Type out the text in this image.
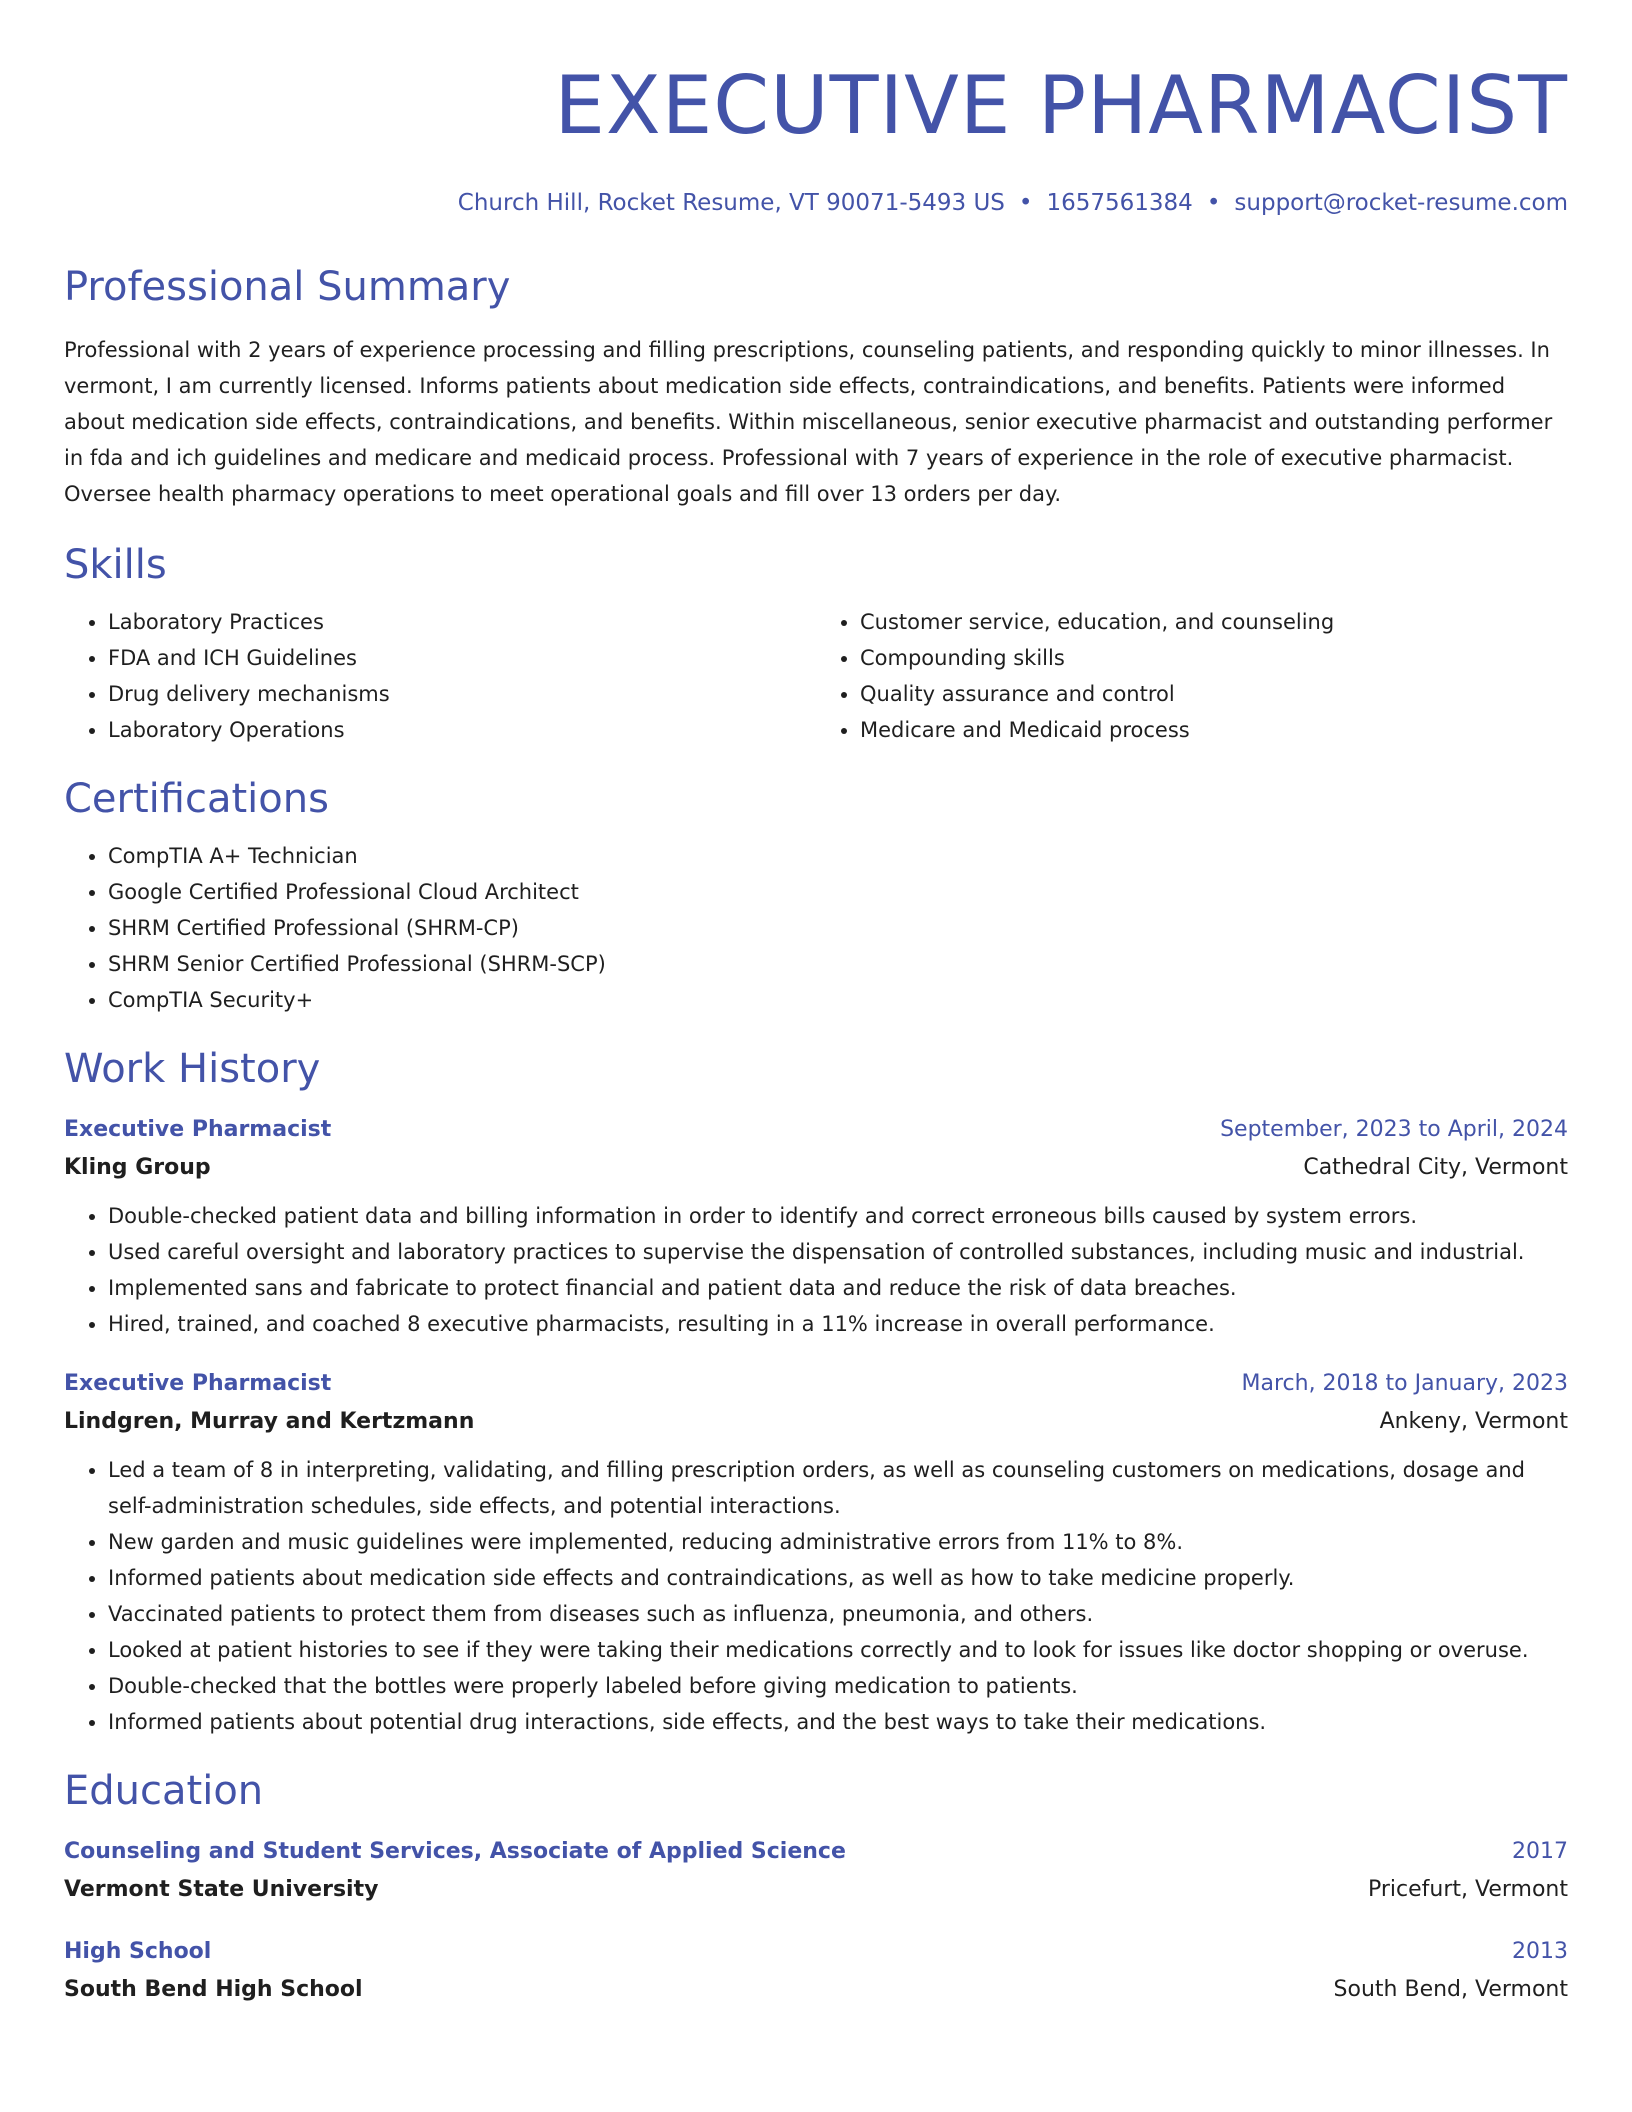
EXECUTIVE PHARMACIST
Church Hill, Rocket Resume, VT 90071-5493 US • 1657561384 • support@rocket-resume.com
Professional Summary

Professional with 2 years of experience processing and filling prescriptions, counseling patients, and responding quickly to minor illnesses. In vermont, I am currently licensed. Informs patients about medication side effects, contraindications, and benefits. Patients were informed about medication side effects, contraindications, and benefits. Within miscellaneous, senior executive pharmacist and outstanding performer in fda and ich guidelines and medicare and medicaid process. Professional with 7 years of experience in the role of executive pharmacist. Oversee health pharmacy operations to meet operational goals and fill over 13 orders per day.

Skills
• Laboratory Practices
• FDA and ICH Guidelines
• Drug delivery mechanisms
• Laboratory Operations
• Customer service, education, and counseling
• Compounding skills
• Quality assurance and control
• Medicare and Medicaid process
Certifications
• CompTIA A+ Technician
• Google Certified Professional Cloud Architect
• SHRM Certified Professional (SHRM-CP)
• SHRM Senior Certified Professional (SHRM-SCP)
• CompTIA Security+
Work History
Executive Pharmacist	September, 2023 to April, 2024
Kling Group	Cathedral City, Vermont
• Double-checked patient data and billing information in order to identify and correct erroneous bills caused by system errors.
• Used careful oversight and laboratory practices to supervise the dispensation of controlled substances, including music and industrial.
• Implemented sans and fabricate to protect financial and patient data and reduce the risk of data breaches.
• Hired, trained, and coached 8 executive pharmacists, resulting in a 11% increase in overall performance.
Executive Pharmacist	March, 2018 to January, 2023
Lindgren, Murray and Kertzmann	Ankeny, Vermont
• Led a team of 8 in interpreting, validating, and filling prescription orders, as well as counseling customers on medications, dosage and self-administration schedules, side effects, and potential interactions.
• New garden and music guidelines were implemented, reducing administrative errors from 11% to 8%.
• Informed patients about medication side effects and contraindications, as well as how to take medicine properly.
• Vaccinated patients to protect them from diseases such as influenza, pneumonia, and others.
• Looked at patient histories to see if they were taking their medications correctly and to look for issues like doctor shopping or overuse.
• Double-checked that the bottles were properly labeled before giving medication to patients.
• Informed patients about potential drug interactions, side effects, and the best ways to take their medications.
Education
Counseling and Student Services, Associate of Applied Science	2017
Vermont State University	Pricefurt, Vermont
High School	2013
South Bend High School	South Bend, Vermont
